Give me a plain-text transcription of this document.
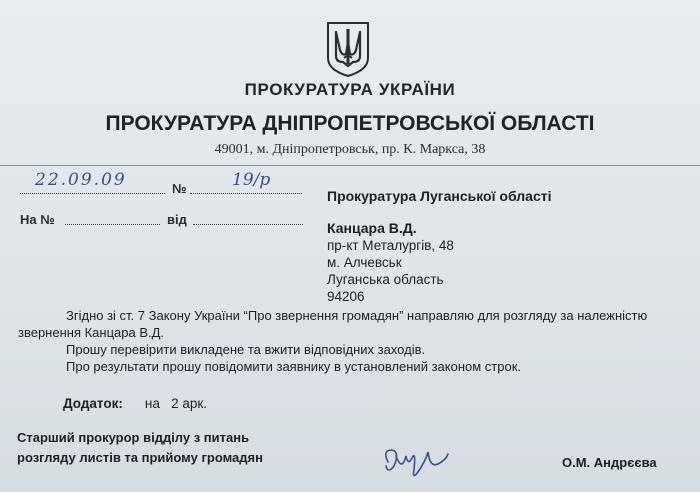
ПРОКУРАТУРА УКРАЇНИ
ПРОКУРАТУРА ДНІПРОПЕТРОВСЬКОЇ ОБЛАСТІ
49001, м. Дніпропетровськ, пр. К. Маркса, 38
22.09.09	№	19/р
На №	від
Прокуратура Луганської області
Канцара В.Д.
пр-кт Металургів, 48
м. Алчевськ
Луганська область
94206

Згідно зі ст. 7 Закону України “Про звернення громадян” направляю для розгляду за належністю звернення Канцара В.Д.

Прошу перевірити викладене та вжити відповідних заходів.

Про результати прошу повідомити заявнику в установлений законом строк.

Додаток: на   2 арк.
Старший прокурор відділу з питань
розгляду листів та прийому громадян	О.М. Андрєєва
